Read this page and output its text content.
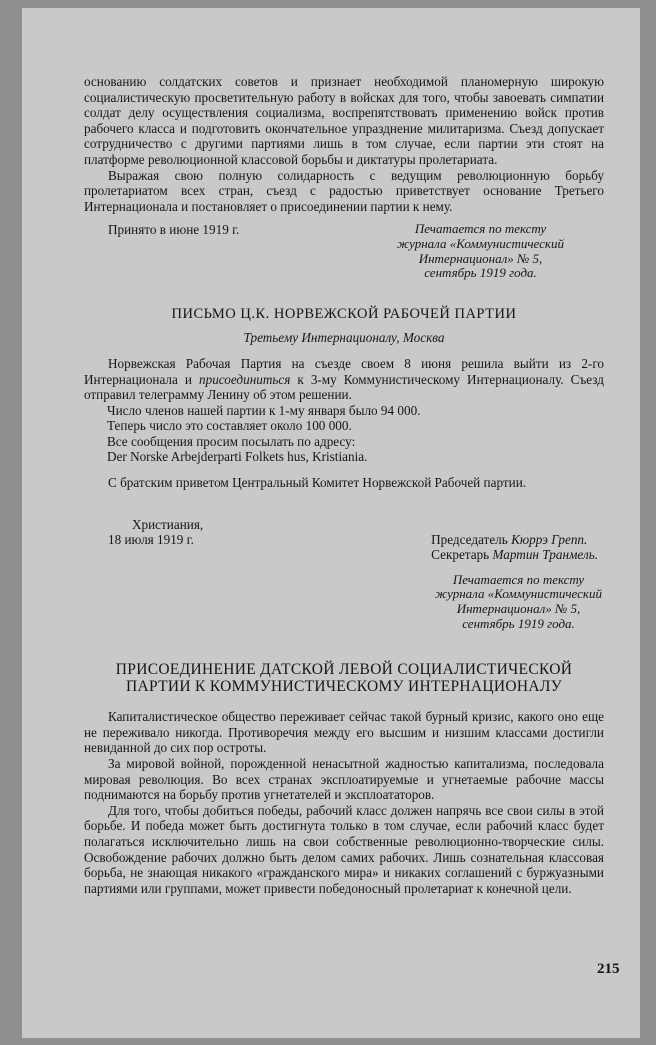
основанию солдатских советов и признает необходимой планомерную широкую социалистическую просветительную работу в войсках для того, чтобы завоевать симпатии солдат делу осуществления социализма, воспрепятствовать применению войск против рабочего класса и подготовить окончательное упразднение милитаризма. Съезд допускает сотрудничество с другими партиями лишь в том случае, если партии эти стоят на платформе революционной классовой борьбы и диктатуры пролетариата.

Выражая свою полную солидарность с ведущим революционную борьбу пролетариатом всех стран, съезд с радостью приветствует основание Третьего Интернационала и постановляет о присоединении партии к нему.

Принято в июне 1919 г.	Печатается по тексту
журнала «Коммунистический
Интернационал» № 5,
сентябрь 1919 года.
ПИСЬМО Ц.К. НОРВЕЖСКОЙ РАБОЧЕЙ ПАРТИИ
Третьему Интернационалу, Москва

Норвежская Рабочая Партия на съезде своем 8 июня решила выйти из 2-го Интернационала и присоединиться к 3-му Коммунистическому Интернационалу. Съезд отправил телеграмму Ленину об этом решении.

Число членов нашей партии к 1-му января было 94 000.
Теперь число это составляет около 100 000.
Все сообщения просим посылать по адресу:
Der Norske Arbejderparti Folkets hus, Kristiania.

С братским приветом Центральный Комитет Норвежской Рабочей партии.

Христиания,
18 июля 1919 г.	Председатель Кюррэ Грепп.
Секретарь Мартин Транмель.
Печатается по тексту
журнала «Коммунистический
Интернационал» № 5,
сентябрь 1919 года.
ПРИСОЕДИНЕНИЕ ДАТСКОЙ ЛЕВОЙ СОЦИАЛИСТИЧЕСКОЙ
ПАРТИИ К КОММУНИСТИЧЕСКОМУ ИНТЕРНАЦИОНАЛУ

Капиталистическое общество переживает сейчас такой бурный кризис, какого оно еще не переживало никогда. Противоречия между его высшим и низшим классами достигли невиданной до сих пор остроты.

За мировой войной, порожденной ненасытной жадностью капитализма, последовала мировая революция. Во всех странах эксплоатируемые и угнетаемые рабочие массы поднимаются на борьбу против угнетателей и эксплоататоров.

Для того, чтобы добиться победы, рабочий класс должен напрячь все свои силы в этой борьбе. И победа может быть достигнута только в том случае, если рабочий класс будет полагаться исключительно лишь на свои собственные революционно-творческие силы. Освобождение рабочих должно быть делом самих рабочих. Лишь сознательная классовая борьба, не знающая никакого «гражданского мира» и никаких соглашений с буржуазными партиями или группами, может привести победоносный пролетариат к конечной цели.

215
